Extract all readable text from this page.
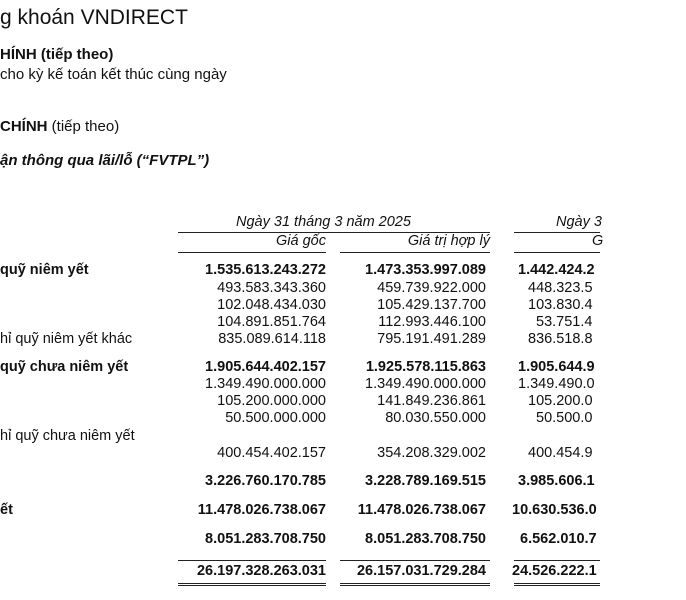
g khoán VNDIRECT
HÍNH (tiếp theo)
cho kỳ kế toán kết thúc cùng ngày
CHÍNH (tiếp theo)
ận thông qua lãi/lỗ (“FVTPL”)
Ngày 31 tháng 3 năm 2025	Ngày 3
Giá gốc	Giá trị hợp lý	G
quỹ niêm yết	1.535.613.243.272	1.473.353.997.089 1.442.424.2
493.583.343.360	459.739.922.000	448.323.5
102.048.434.030	105.429.137.700	103.830.4
104.891.851.764	112.993.446.100	53.751.4
hỉ quỹ niêm yết khác	835.089.614.118	795.191.491.289	836.518.8
quỹ chưa niêm yết	1.905.644.402.157	1.925.578.115.863 1.905.644.9
1.349.490.000.000	1.349.490.000.000 1.349.490.0
105.200.000.000	141.849.236.861	105.200.0
50.500.000.000	80.030.550.000	50.500.0
hỉ quỹ chưa niêm yết
400.454.402.157	354.208.329.002	400.454.9
3.226.760.170.785	3.228.789.169.515 3.985.606.1
ết	11.478.026.738.067	11.478.026.738.067 10.630.536.0
8.051.283.708.750	8.051.283.708.750 6.562.010.7
26.197.328.263.031	26.157.031.729.284 24.526.222.1
